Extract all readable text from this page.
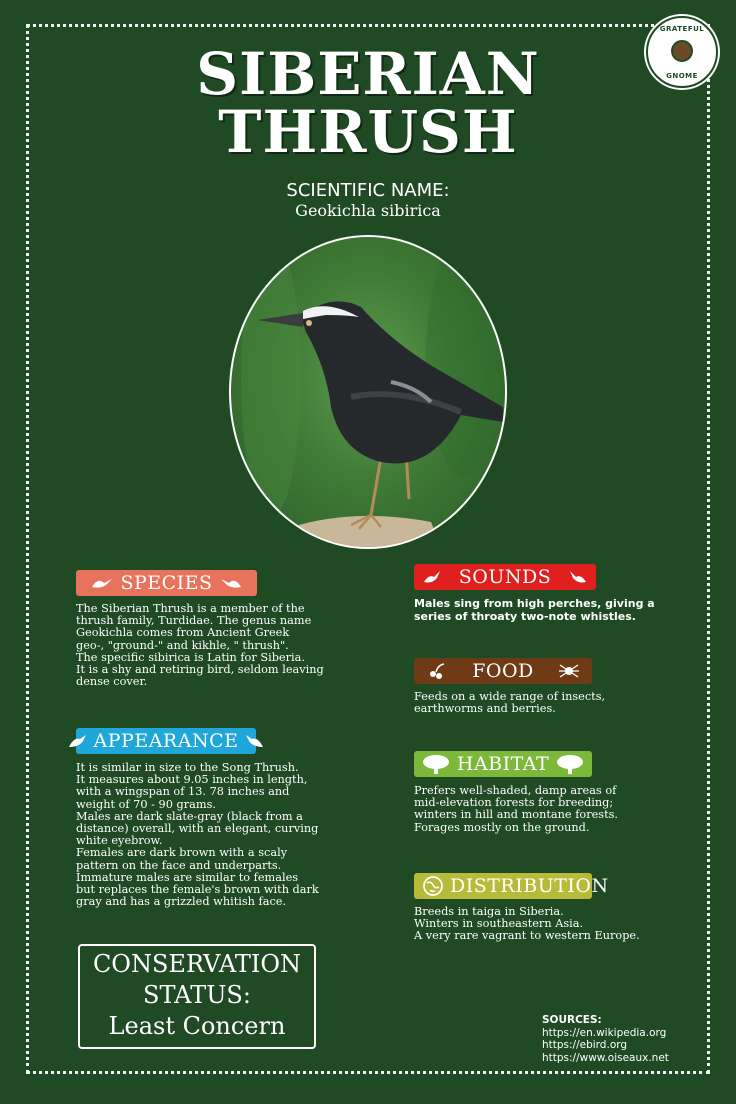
GRATEFUL
GNOME
SIBERIAN
THRUSH
SCIENTIFIC NAME:
Geokichla sibirica
SPECIES
The Siberian Thrush is a member of the
thrush family, Turdidae. The genus name
Geokichla comes from Ancient Greek
geo-, "ground-" and kikhle, " thrush".
The specific sibirica is Latin for Siberia.
It is a shy and retiring bird, seldom leaving
dense cover.
APPEARANCE
It is similar in size to the Song Thrush.
It measures about 9.05 inches in length,
with a wingspan of 13. 78 inches and
weight of 70 - 90 grams.
Males are dark slate-gray (black from a
distance) overall, with an elegant, curving
white eyebrow.
Females are dark brown with a scaly
pattern on the face and underparts.
Immature males are similar to females
but replaces the female's brown with dark
gray and has a grizzled whitish face.
SOUNDS
Males sing from high perches, giving a
series of throaty two-note whistles.
FOOD
Feeds on a wide range of insects,
earthworms and berries.
HABITAT
Prefers well-shaded, damp areas of
mid-elevation forests for breeding;
winters in hill and montane forests.
Forages mostly on the ground.
DISTRIBUTION
Breeds in taiga in Siberia.
Winters in southeastern Asia.
A very rare vagrant to western Europe.
CONSERVATION
STATUS:
Least Concern	SOURCES:
https://en.wikipedia.org
https://ebird.org
https://www.oiseaux.net
